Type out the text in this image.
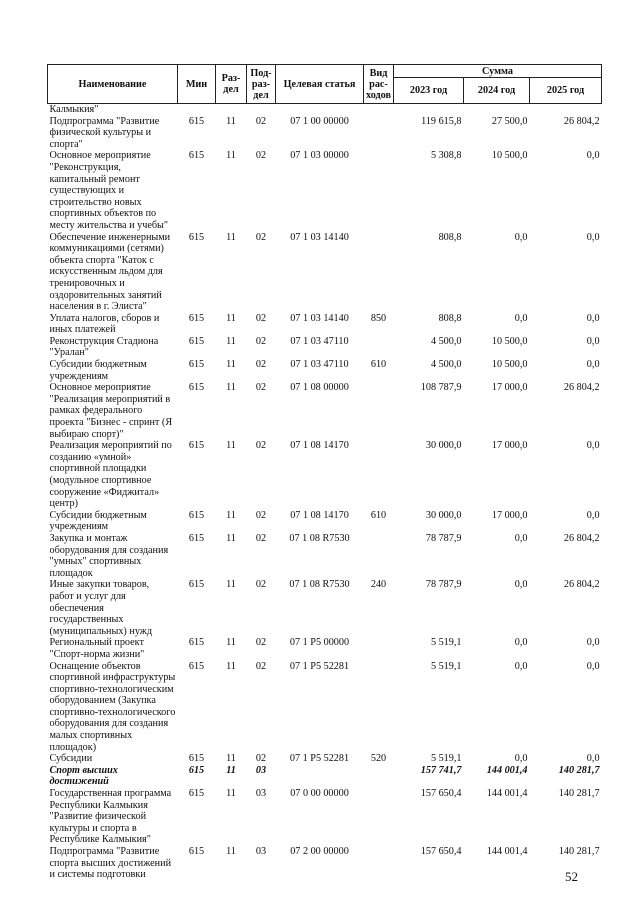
Наименование	Мин	Раз-дел	Под-раз-дел	Целевая статья	Вид рас-ходов	Сумма		
						2023 год	2024 год	2025 год
Калмыкия"								
Подпрограмма "Развитие физической культуры и спорта"	615	11	02	07 1 00 00000		119 615,8	27 500,0	26 804,2
Основное мероприятие "Реконструкция, капитальный ремонт существующих и строительство новых спортивных объектов по месту жительства и учебы"	615	11	02	07 1 03 00000		5 308,8	10 500,0	0,0
Обеспечение инженерными коммуникациями (сетями) объекта спорта "Каток с искусственным льдом для тренировочных и оздоровительных занятий населения в г. Элиста"	615	11	02	07 1 03 14140		808,8	0,0	0,0
Уплата налогов, сборов и иных платежей	615	11	02	07 1 03 14140	850	808,8	0,0	0,0
Реконструкция Стадиона "Уралан"	615	11	02	07 1 03 47110		4 500,0	10 500,0	0,0
Субсидии бюджетным учреждениям	615	11	02	07 1 03 47110	610	4 500,0	10 500,0	0,0
Основное мероприятие "Реализация мероприятий в рамках федерального проекта "Бизнес - спринт (Я выбираю спорт)"	615	11	02	07 1 08 00000		108 787,9	17 000,0	26 804,2
Реализация мероприятий по созданию «умной» спортивной площадки (модульное спортивное сооружение «Фиджитал» центр)	615	11	02	07 1 08 14170		30 000,0	17 000,0	0,0
Субсидии бюджетным учреждениям	615	11	02	07 1 08 14170	610	30 000,0	17 000,0	0,0
Закупка и монтаж оборудования для создания "умных" спортивных площадок	615	11	02	07 1 08 R7530		78 787,9	0,0	26 804,2
Иные закупки товаров, работ и услуг для обеспечения государственных (муниципальных) нужд	615	11	02	07 1 08 R7530	240	78 787,9	0,0	26 804,2
Региональный проект "Спорт-норма жизни"	615	11	02	07 1 P5 00000		5 519,1	0,0	0,0
Оснащение объектов спортивной инфраструктуры спортивно-технологическим оборудованием (Закупка спортивно-технологического оборудования для создания малых спортивных площадок)	615	11	02	07 1 P5 52281		5 519,1	0,0	0,0
Субсидии	615	11	02	07 1 P5 52281	520	5 519,1	0,0	0,0
Спорт высших достижений	615	11	03			157 741,7	144 001,4	140 281,7
Государственная программа Республики Калмыкия "Развитие физической культуры и спорта в Республике Калмыкия"	615	11	03	07 0 00 00000		157 650,4	144 001,4	140 281,7
Подпрограмма "Развитие спорта высших достижений и системы подготовки	615	11	03	07 2 00 00000		157 650,4	144 001,4	140 281,7
52
